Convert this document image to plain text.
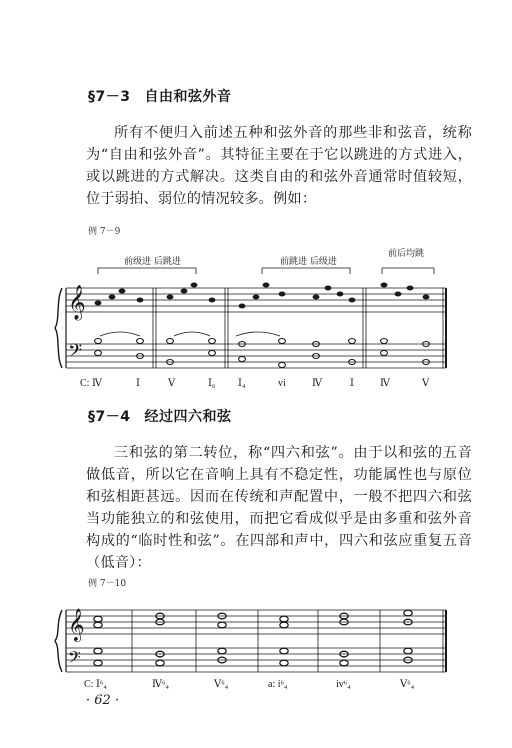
§7－3 自由和弦外音
所有不便归入前述五种和弦外音的那些非和弦音，统称为“自由和弦外音”。其特征主要在于它以跳进的方式进入，或以跳进的方式解决。这类自由的和弦外音通常时值较短，位于弱拍、弱位的情况较多。例如：
例 7－9
𝄞
𝄢
前级进 后跳进	前跳进 后级进
前后均跳
C: Ⅳ	Ⅰ	Ⅴ	Ⅰ₆ Ⅰ₄	vi	Ⅳ	Ⅰ	Ⅳ	Ⅴ
§7－4 经过四六和弦
三和弦的第二转位，称“四六和弦”。由于以和弦的五音做低音，所以它在音响上具有不稳定性，功能属性也与原位和弦相距甚远。因而在传统和声配置中，一般不把四六和弦当功能独立的和弦使用，而把它看成似乎是由多重和弦外音构成的“临时性和弦”。在四部和声中，四六和弦应重复五音（低音）：
例 7－10
𝄞
𝄢
C: Ⅰ⁶₄	Ⅳ⁶₄	Ⅴ⁶₄	a: i⁶₄	iv⁶₄	Ⅴ⁶₄
· 62 ·
